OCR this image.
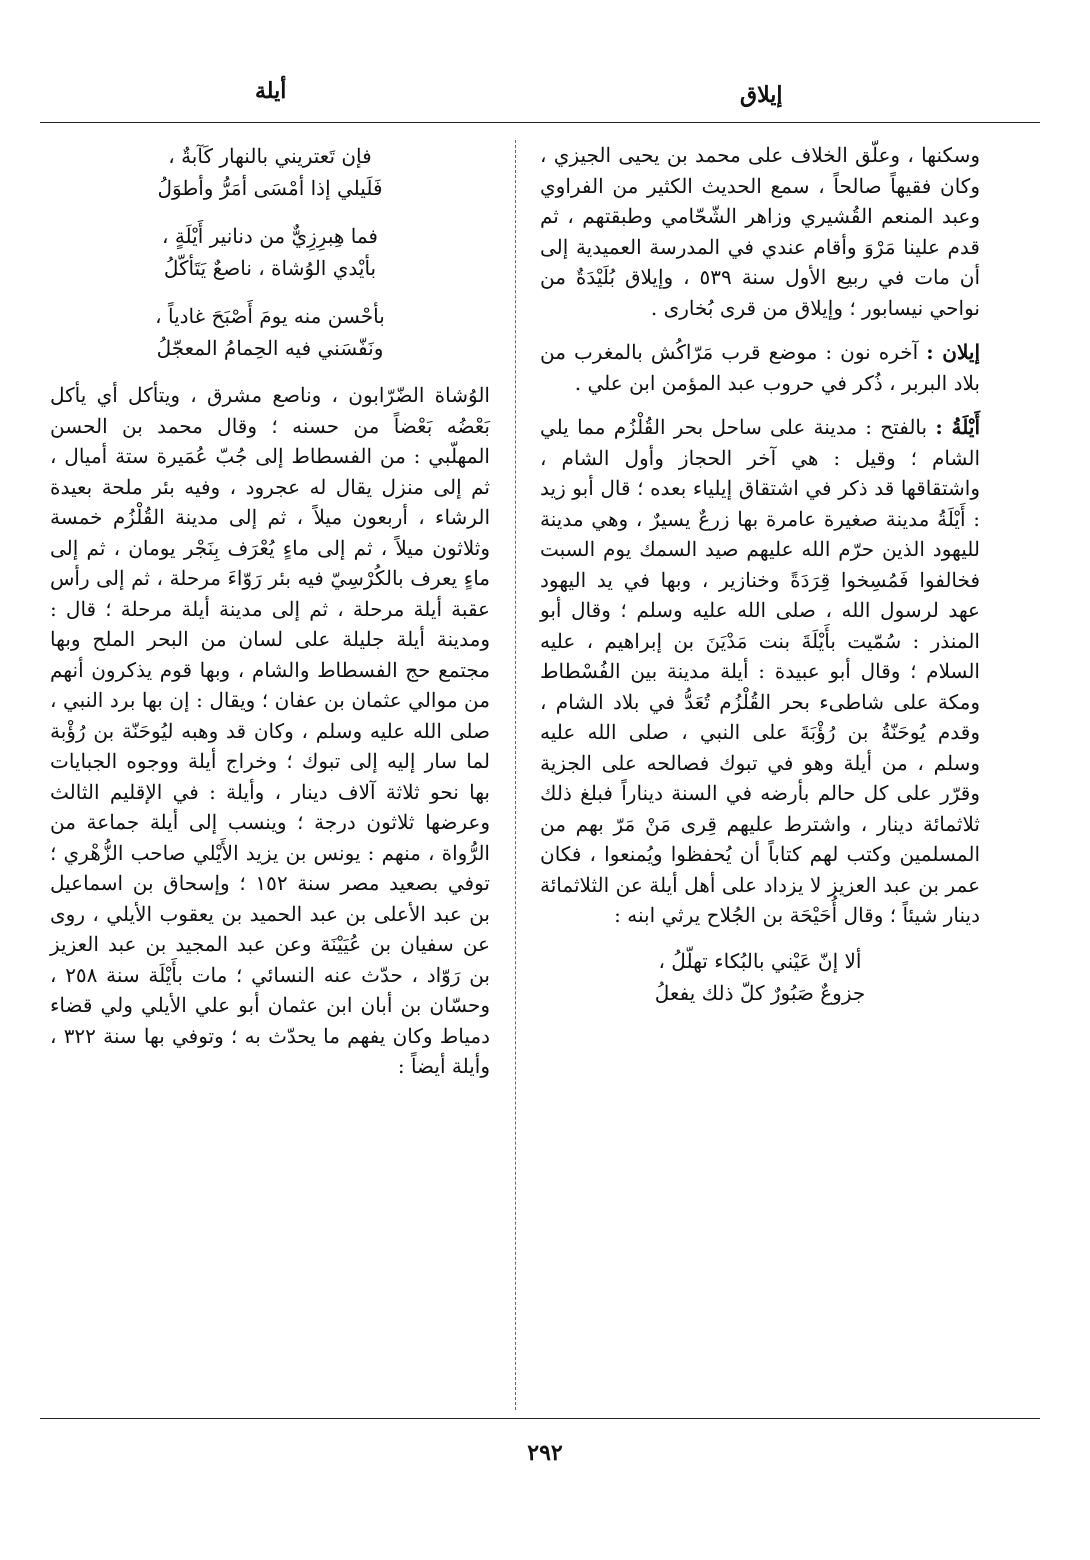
أيلة	إيلاق

وسكنها ، وعلّق الخلاف على محمد بن يحيى الجيزي ، وكان فقيهاً صالحاً ، سمع الحديث الكثير من الفراوي وعبد المنعم القُشيري وزاهر الشّحّامي وطبقتهم ، ثم قدم علينا مَرْوَ وأقام عندي في المدرسة العميدية إلى أن مات في ربيع الأول سنة ٥٣٩ ، وإيلاق بُلَيْدَةٌ من نواحي نيسابور ؛ وإيلاق من قرى بُخارى .

إيلان : آخره نون : موضع قرب مَرّاكُش بالمغرب من بلاد البربر ، ذُكر في حروب عبد المؤمن ابن علي .

أَيْلَةُ : بالفتح : مدينة على ساحل بحر القُلْزُم مما يلي الشام ؛ وقيل : هي آخر الحجاز وأول الشام ، واشتقاقها قد ذكر في اشتقاق إيلياء بعده ؛ قال أبو زيد : أَيْلَةُ مدينة صغيرة عامرة بها زرعٌ يسيرٌ ، وهي مدينة لليهود الذين حرّم الله عليهم صيد السمك يوم السبت فخالفوا فَمُسِخوا قِرَدَةً وخنازير ، وبها في يد اليهود عهد لرسول الله ، صلى الله عليه وسلم ؛ وقال أبو المنذر : سُمّيت بأَيْلَةَ بنت مَدْيَنَ بن إبراهيم ، عليه السلام ؛ وقال أبو عبيدة : أيلة مدينة بين الفُسْطاط ومكة على شاطىء بحر القُلْزُم تُعَدُّ في بلاد الشام ، وقدم يُوحَنّةُ بن رُؤْبَةَ على النبي ، صلى الله عليه وسلم ، من أيلة وهو في تبوك فصالحه على الجزية وقرّر على كل حالم بأرضه في السنة ديناراً فبلغ ذلك ثلاثمائة دينار ، واشترط عليهم قِرى مَنْ مَرّ بهم من المسلمين وكتب لهم كتاباً أن يُحفظوا ويُمنعوا ، فكان عمر بن عبد العزيز لا يزداد على أهل أيلة عن الثلاثمائة دينار شيئاً ؛ وقال أُحَيْحَة بن الجُلاح يرثي ابنه :

ألا إنّ عَيْني بالبُكاء تهلّلُ ،
جزوعٌ صَبُورٌ كلّ ذلك يفعلُ
فإن تَعتريني بالنهار كَآبةٌ ،
فَلَيلي إذا أمْسَى أمَرُّ وأطوَلُ
فما هِبرِزِيٌّ من دنانير أَيْلَةٍ ،
بأيْدي الوُشاة ، ناصعٌ يَتَأكّلُ
بأحْسن منه يومَ أَصْبَحَ غادياً ،
ونَفّسَني فيه الحِمامُ المعجّلُ

الوُشاة الضّرّابون ، وناصع مشرق ، ويتأكل أي يأكل بَعْضُه بَعْضاً من حسنه ؛ وقال محمد بن الحسن المهلّبي : من الفسطاط إلى جُبّ عُمَيرة ستة أميال ، ثم إلى منزل يقال له عجرود ، وفيه بئر ملحة بعيدة الرشاء ، أربعون ميلاً ، ثم إلى مدينة القُلْزُم خمسة وثلاثون ميلاً ، ثم إلى ماءٍ يُعْرَف بِنَجْر يومان ، ثم إلى ماءٍ يعرف بالكُرْسِيّ فيه بئر رَوّاءَ مرحلة ، ثم إلى رأس عقبة أيلة مرحلة ، ثم إلى مدينة أيلة مرحلة ؛ قال : ومدينة أيلة جليلة على لسان من البحر الملح وبها مجتمع حج الفسطاط والشام ، وبها قوم يذكرون أنهم من موالي عثمان بن عفان ؛ ويقال : إن بها برد النبي ، صلى الله عليه وسلم ، وكان قد وهبه ليُوحَنّة بن رُؤْبة لما سار إليه إلى تبوك ؛ وخراج أيلة ووجوه الجبايات بها نحو ثلاثة آلاف دينار ، وأيلة : في الإقليم الثالث وعرضها ثلاثون درجة ؛ وينسب إلى أيلة جماعة من الرُّواة ، منهم : يونس بن يزيد الأَيْلي صاحب الزُّهْري ؛ توفي بصعيد مصر سنة ١٥٢ ؛ وإسحاق بن اسماعيل بن عبد الأعلى بن عبد الحميد بن يعقوب الأيلي ، روى عن سفيان بن عُيَيْنَة وعن عبد المجيد بن عبد العزيز بن رَوّاد ، حدّث عنه النسائي ؛ مات بأَيْلَة سنة ٢٥٨ ، وحسّان بن أبان ابن عثمان أبو علي الأيلي ولي قضاء دمياط وكان يفهم ما يحدّث به ؛ وتوفي بها سنة ٣٢٢ ، وأيلة أيضاً :

٢٩٢
